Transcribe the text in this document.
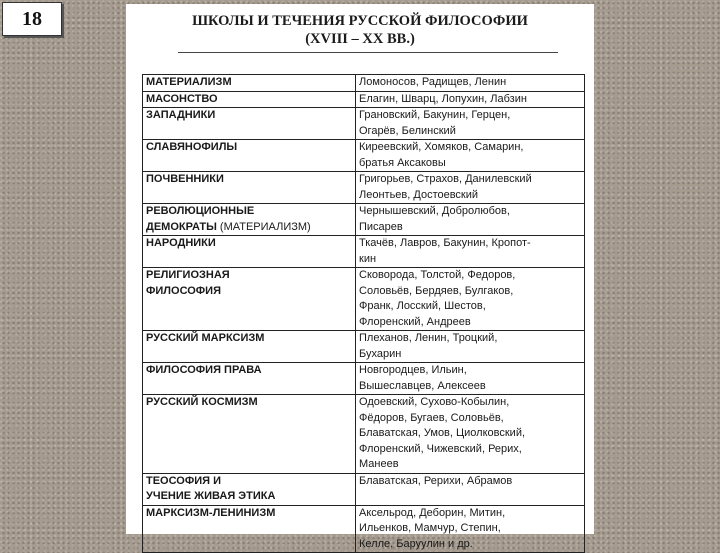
18	ШКОЛЫ И ТЕЧЕНИЯ РУССКОЙ ФИЛОСОФИИ
(XVIII – XX ВВ.)
МАТЕРИАЛИЗМ	Ломоносов, Радищев, Ленин
МАСОНСТВО	Елагин, Шварц, Лопухин, Лабзин
ЗАПАДНИКИ	Грановский, Бакунин, Герцен,
Огарёв, Белинский
СЛАВЯНОФИЛЫ	Киреевский, Хомяков, Самарин,
братья Аксаковы
ПОЧВЕННИКИ	Григорьев, Страхов, Данилевский
Леонтьев, Достоевский
РЕВОЛЮЦИОННЫЕ
ДЕМОКРАТЫ (МАТЕРИАЛИЗМ)	Чернышевский, Добролюбов,
Писарев
НАРОДНИКИ	Ткачёв, Лавров, Бакунин, Кропот-
кин
РЕЛИГИОЗНАЯ
ФИЛОСОФИЯ	Сковорода, Толстой, Федоров,
Соловьёв, Бердяев, Булгаков,
Франк, Лосский, Шестов,
Флоренский, Андреев
РУССКИЙ МАРКСИЗМ	Плеханов, Ленин, Троцкий,
Бухарин
ФИЛОСОФИЯ ПРАВА	Новгородцев, Ильин,
Вышеславцев, Алексеев
РУССКИЙ КОСМИЗМ	Одоевский, Сухово-Кобылин,
Фёдоров, Бугаев, Соловьёв,
Блаватская, Умов, Циолковский,
Флоренский, Чижевский, Рерих,
Манеев
ТЕОСОФИЯ И
УЧЕНИЕ ЖИВАЯ ЭТИКА	Блаватская, Рерихи, Абрамов
МАРКСИЗМ-ЛЕНИНИЗМ	Аксельрод, Деборин, Митин,
Ильенков, Мамчур, Степин,
Келле, Баруулин и др.
